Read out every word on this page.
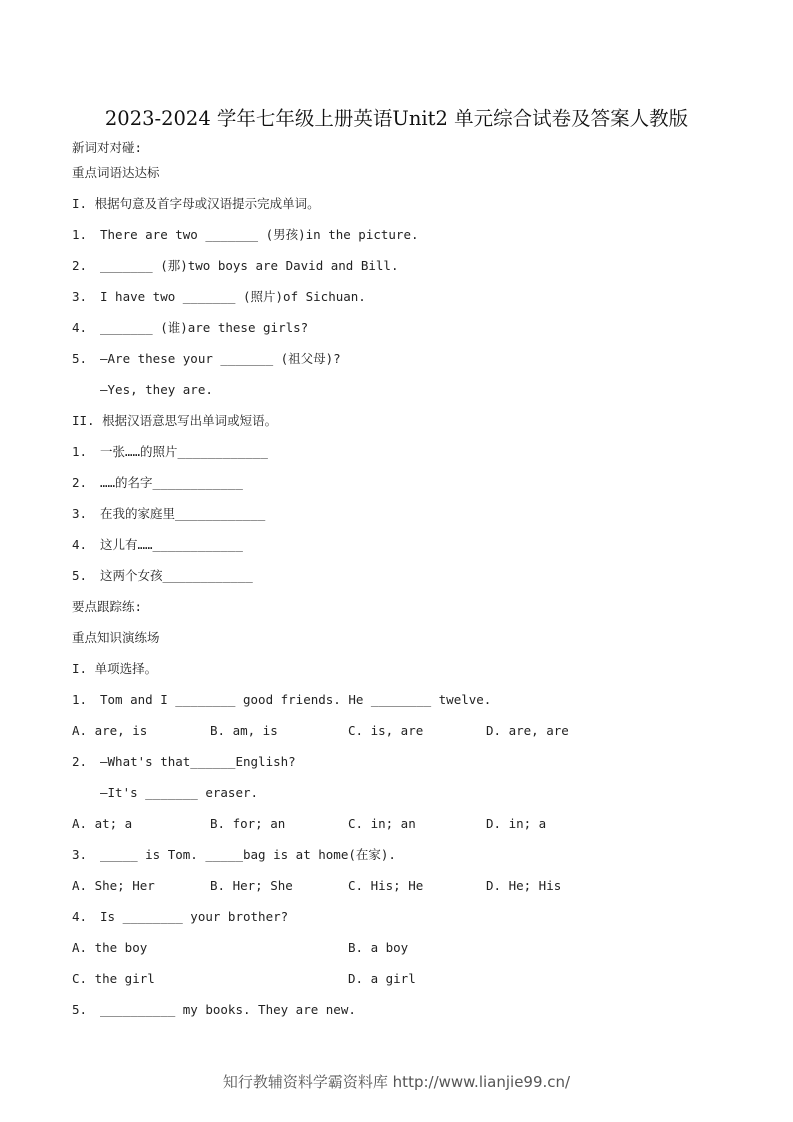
2023-2024 学年七年级上册英语Unit2 单元综合试卷及答案人教版
新词对对碰:
重点词语达达标
I. 根据句意及首字母或汉语提示完成单词。
1. There are two _______ (男孩)in the picture.
2. _______ (那)two boys are David and Bill.
3. I have two _______ (照片)of Sichuan.
4. _______ (谁)are these girls?
5. —Are these your _______ (祖父母)?
—Yes, they are.
II. 根据汉语意思写出单词或短语。
1. 一张……的照片____________
2. ……的名字____________
3. 在我的家庭里____________
4. 这儿有……____________
5. 这两个女孩____________
要点跟踪练:
重点知识演练场
I. 单项选择。
1. Tom and I ________ good friends. He ________ twelve.
A. are, is	B. am, is	C. is, are	D. are, are
2. —What's that______English?
—It's _______ eraser.
A. at; a	B. for; an	C. in; an	D. in; a
3. _____ is Tom. _____bag is at home(在家).
A. She; Her	B. Her; She	C. His; He	D. He; His
4. Is ________ your brother?
A. the boy	B. a boy
C. the girl	D. a girl
5. __________ my books. They are new.
知行教辅资料学霸资料库 http://www.lianjie99.cn/
